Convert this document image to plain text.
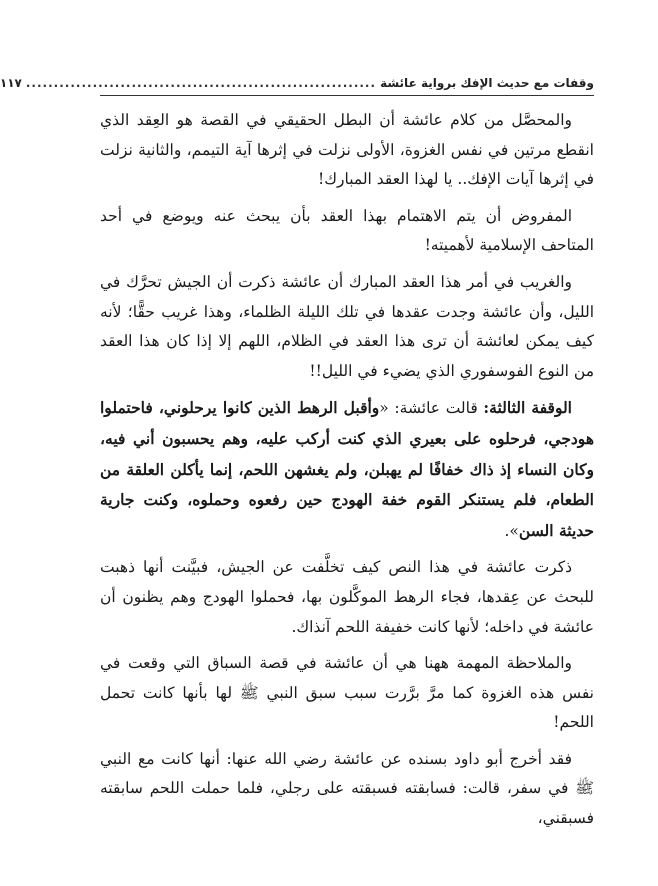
وقفات مع حديث الإفك برواية عائشة
...............................................................
١١٧

والمحصَّل من كلام عائشة أن البطل الحقيقي في القصة هو العِقد الذي انقطع مرتين في نفس الغزوة، الأولى نزلت في إثرها آية التيمم، والثانية نزلت في إثرها آيات الإفك.. يا لهذا العقد المبارك!

المفروض أن يتم الاهتمام بهذا العقد بأن يبحث عنه ويوضع في أحد المتاحف الإسلامية لأهميته!

والغريب في أمر هذا العقد المبارك أن عائشة ذكرت أن الجيش تحرَّك في الليل، وأن عائشة وجدت عقدها في تلك الليلة الظلماء، وهذا غريب حقًّا؛ لأنه كيف يمكن لعائشة أن ترى هذا العقد في الظلام، اللهم إلا إذا كان هذا العقد من النوع الفوسفوري الذي يضيء في الليل!!

الوقفة الثالثة: قالت عائشة: «وأقبل الرهط الذين كانوا يرحلوني، فاحتملوا هودجي، فرحلوه على بعيري الذي كنت أركب عليه، وهم يحسبون أني فيه، وكان النساء إذ ذاك خفافًا لم يهبلن، ولم يغشهن اللحم، إنما يأكلن العلقة من الطعام، فلم يستنكر القوم خفة الهودج حين رفعوه وحملوه، وكنت جارية حديثة السن».

ذكرت عائشة في هذا النص كيف تخلَّفت عن الجيش، فبيَّنت أنها ذهبت للبحث عن عِقدها، فجاء الرهط الموكَّلون بها، فحملوا الهودج وهم يظنون أن عائشة في داخله؛ لأنها كانت خفيفة اللحم آنذاك.

والملاحظة المهمة ههنا هي أن عائشة في قصة السباق التي وقعت في نفس هذه الغزوة كما مرَّ برَّرت سبب سبق النبي ﷺ لها بأنها كانت تحمل اللحم!

فقد أخرج أبو داود بسنده عن عائشة رضي الله عنها: أنها كانت مع النبي ﷺ في سفر، قالت: فسابقته فسبقته على رجلي، فلما حملت اللحم سابقته فسبقني،
